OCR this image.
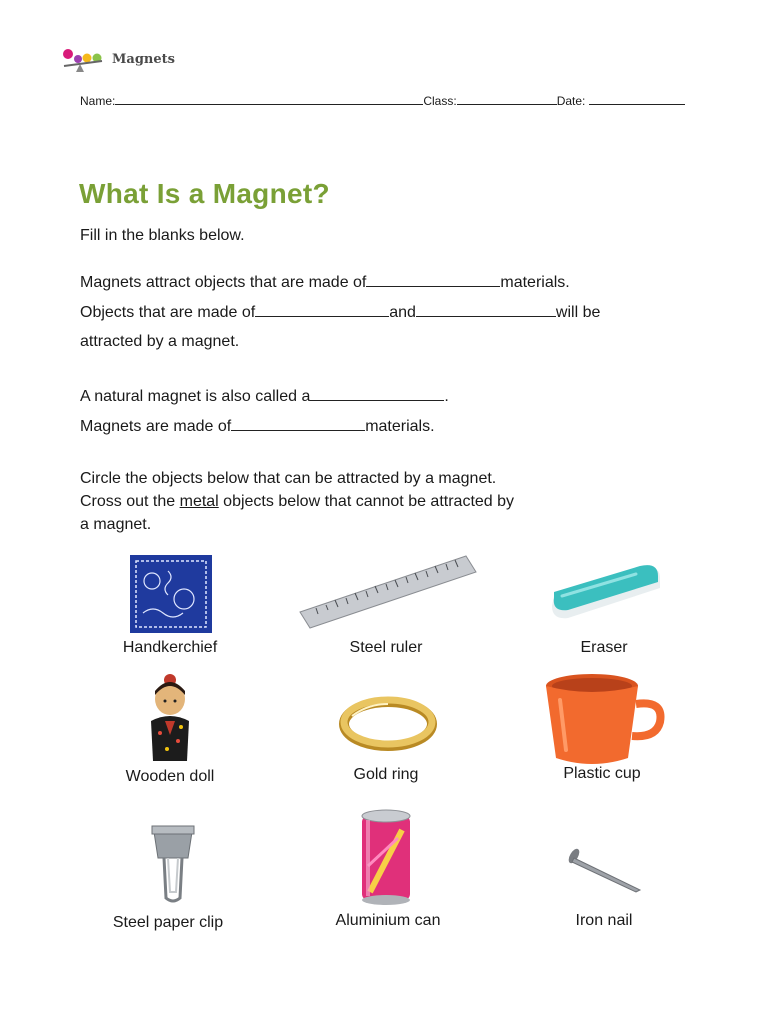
Magnets
Name:	Class:	Date:
What Is a Magnet?
Fill in the blanks below.
Magnets attract objects that are made of	materials.
Objects that are made of	and	will be
attracted by a magnet.
A natural magnet is also called a	.
Magnets are made of	materials.
Circle the objects below that can be attracted by a magnet.
Cross out the metal objects below that cannot be attracted by
a magnet.
Handkerchief	Steel ruler	Eraser
Wooden doll	Gold ring	Plastic cup
Steel paper clip	Aluminium can	Iron nail
